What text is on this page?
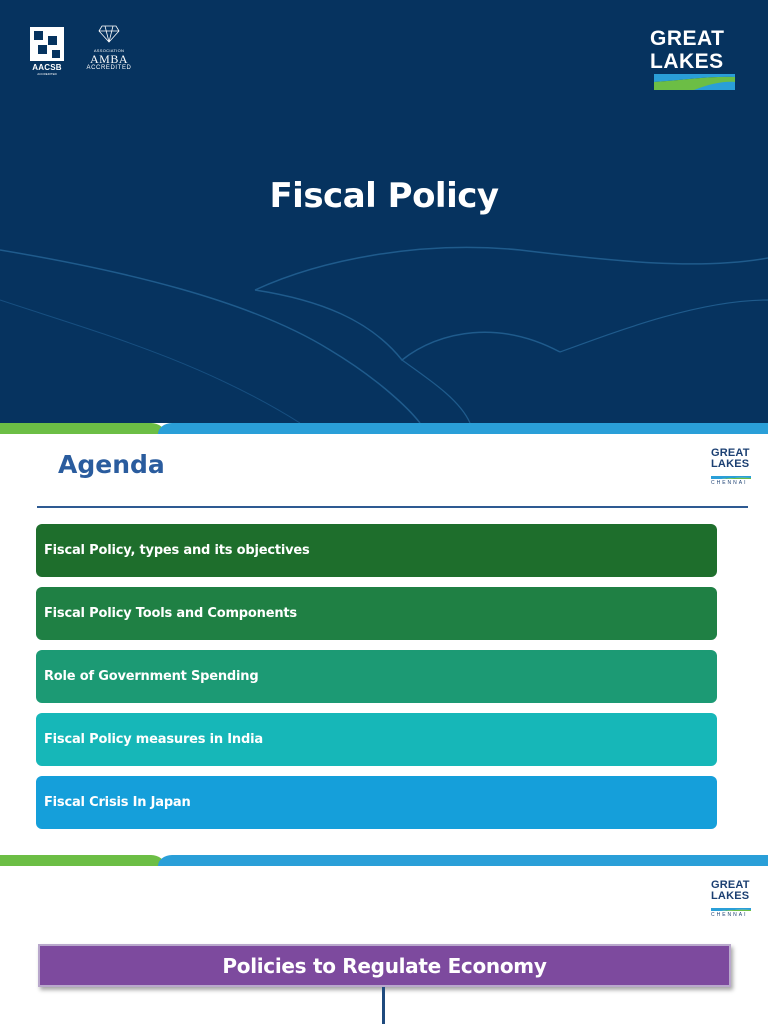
AACSB
ACCREDITED
ASSOCIATION
AMBA
ACCREDITED
GREAT
LAKES
Fiscal Policy
Agenda	GREAT
LAKES
CHENNAI
Fiscal Policy, types and its objectives
Fiscal Policy Tools and Components
Role of Government Spending
Fiscal Policy measures in India
Fiscal Crisis In Japan
GREAT
LAKES
CHENNAI
Policies to Regulate Economy
